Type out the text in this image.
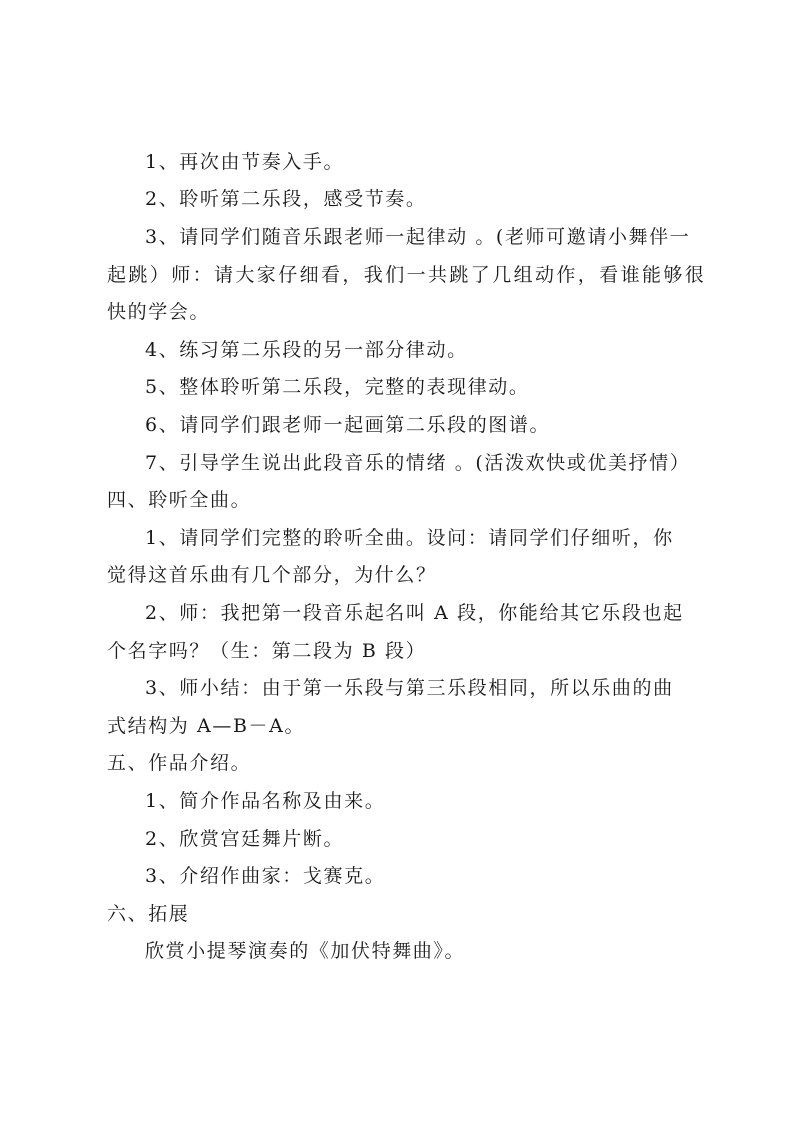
1、再次由节奏入手。

2、聆听第二乐段，感受节奏。

3、请同学们随音乐跟老师一起律动 。(老师可邀请小舞伴一

起跳）师：请大家仔细看，我们一共跳了几组动作，看谁能够很

快的学会。

4、练习第二乐段的另一部分律动。

5、整体聆听第二乐段，完整的表现律动。

6、请同学们跟老师一起画第二乐段的图谱。

7、引导学生说出此段音乐的情绪 。(活泼欢快或优美抒情）

四、聆听全曲。

1、请同学们完整的聆听全曲。设问：请同学们仔细听，你

觉得这首乐曲有几个部分，为什么？

2、师：我把第一段音乐起名叫 A 段，你能给其它乐段也起

个名字吗？（生：第二段为 B 段）

3、师小结：由于第一乐段与第三乐段相同，所以乐曲的曲

式结构为 A—B－A。

五、作品介绍。

1、简介作品名称及由来。

2、欣赏宫廷舞片断。

3、介绍作曲家：戈赛克。

六、拓展

欣赏小提琴演奏的《加伏特舞曲》。
